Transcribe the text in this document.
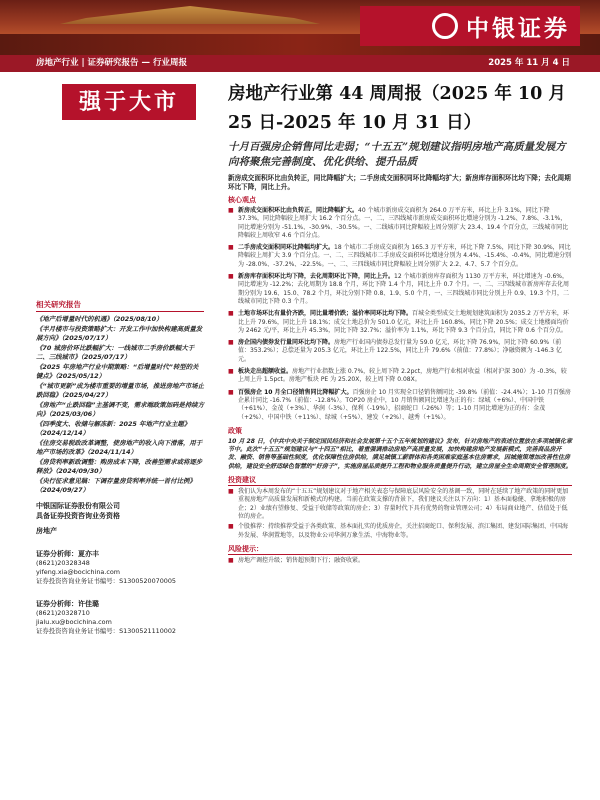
中银证券
房地产行业 | 证券研究报告 — 行业周报	2025 年 11 月 4 日
强于大市
相关研究报告
《地产后增量时代的机遇》（2025/08/10）
《半月楼市与投资策略扩大：开发工作中加快构建高质量发展方向》（2025/07/17）
《70 城房价环比跌幅扩大：一线城市二手房价跌幅大于二、三线城市》（2025/07/17）
《2025 年房地产行业中期策略：“后增量时代”转型的关键点》（2025/05/12）
《“城市更新”成为楼市重要的增量市场，推进房地产市场止跌回稳》（2025/04/27）
《房地产“止跌回稳”主基调不变，需求端政策加码是持续方向》（2025/03/06）
《四季度大、收储与解冻新：2025 年地产行业主题》（2024/12/14）
《住房交易税政改革调整，使房地产的收入向下滑落，用于地产市场的改革》（2024/11/14）
《房贷利率新政调整：购房成本下降，改善型需求或将逐步释放》（2024/09/30）
《央行征求意见稿：下调存量房贷利率并统一首付比例》（2024/09/27）
中银国际证券股份有限公司
具备证券投资咨询业务资格
房地产
证券分析师：夏亦丰
(8621)20328348
yifeng.xia@bocichina.com
证券投资咨询业务证书编号：S1300520070005
证券分析师：许佳璐
(8621)20328710
jialu.xu@bocichina.com
证券投资咨询业务证书编号：S1300521110002
房地产行业第 44 周周报（2025 年 10 月 25 日-2025 年 10 月 31 日）
十月百强房企销售同比走弱；“十五五”规划建议指明房地产高质量发展方向将聚焦完善制度、优化供给、提升品质
新房成交面积环比由负转正，同比降幅扩大；二手房成交面积同环比降幅均扩大；新房库存面积环比均下降；去化周期环比下降，同比上升。
核心观点
■ 新房成交面积环比由负转正，同比降幅扩大。40 个城市新房成交面积为 264.0 万平方米，环比上升 3.1%，同比下降 37.3%，同比降幅较上周扩大 16.2 个百分点。一、二、三四线城市新房成交面积环比增速分别为 -1.2%、7.8%、-3.1%，同比增速分别为 -51.1%、-30.9%、-30.5%。一、二线城市同比降幅较上周分别扩大 23.4、19.4 个百分点，三线城市同比降幅较上周收窄 4.6 个百分点。
■ 二手房成交面积同环比降幅均扩大。18 个城市二手房成交面积为 165.3 万平方米，环比下降 7.5%，同比下降 30.9%，同比降幅较上周扩大 3.9 个百分点。一、二、三四线城市二手房成交面积环比增速分别为 4.4%、-15.4%、-0.4%，同比增速分别为 -28.0%、-37.2%、-22.5%。一、二、三四线城市同比降幅较上周分别扩大 2.2、4.7、5.7 个百分点。
■ 新房库存面积环比均下降，去化周期环比下降，同比上升。12 个城市新房库存面积为 1130 万平方米，环比增速为 -0.6%，同比增速为 -12.2%；去化周期为 18.8 个月，环比下降 1.4 个月，同比上升 0.7 个月。一、二、三四线城市新房库存去化周期分别为 19.6、15.0、78.2 个月，环比分别下降 0.8、1.9、5.0 个月，一、三四线城市同比分别上升 0.9、19.3 个月，二线城市同比下降 0.3 个月。
■ 土地市场环比有量价齐跌，同比量增价跌；溢价率同环比均下降。百城全类型成交土地规划建筑面积为 2035.2 万平方米，环比上升 79.6%，同比上升 18.1%；成交土地总价为 501.0 亿元，环比上升 160.8%，同比下降 20.5%；成交土地楼面均价为 2462 元/平，环比上升 45.3%，同比下降 32.7%；溢价率为 1.1%，环比下降 9.3 个百分点，同比下降 0.6 个百分点。
■ 房企国内债券发行量同环比均下降。房地产行业国内债券总发行量为 59.0 亿元，环比下降 76.9%，同比下降 60.9%（前值：353.2%）；总偿还量为 205.3 亿元，环比上升 122.5%，同比上升 79.6%（前值：77.8%）；净融资额为 -146.3 亿元。
■ 板块走出超额收益。房地产行业指数上涨 0.7%，较上周下降 2.2pct，房地产行业相对收益（相对沪深 300）为 -0.3%，较上周上升 1.5pct。房地产板块 PE 为 25.20X，较上周下降 0.08X。
■ 百强房企 10 月全口径销售同比降幅扩大。百强房企 10 月实现全口径销售额同比 -39.8%（前值：-24.4%）；1-10 月百强房企累计同比 -16.7%（前值：-12.8%）。TOP20 房企中，10 月销售额同比增速为正的有：绿城（+6%）、中国中铁（+61%）、金茂（+3%）、华润（-3%）、保利（-19%），招商蛇口（-26%）等；1-10 月同比增速为正的有：金茂（+2%）、中国中铁（+11%）、绿城（+5%）、建发（+2%）、越秀（+1%）。
政策
10 月 28 日，《中共中央关于制定国民经济和社会发展第十五个五年规划的建议》发布，针对房地产的表述位置放在多项城镇化章节中。此次“十五五”规划建议与“十四五”相比，着重强调推动房地产高质量发展，加快构建房地产发展新模式，完善商品房开发、融资、销售等基础性制度，优化保障性住房供给，满足城镇工薪群体和各类困难家庭基本住房需求，因城施策增加改善性住房供给，建设安全舒适绿色智慧的“好房子”，实施房屋品质提升工程和物业服务质量提升行动，建立房屋全生命周期安全管理制度。
投资建议
■ 我们认为本周发布的“十五五”规划建议对于地产相关表态与保障底层风险安全的基调一致，同时在延续了地产政策的同时更加重视房地产高质量发展和新模式的构建。当前在政策支撑的背景下，我们建议关注以下方向：1）基本面稳健、拿地积极的房企；2）业绩有望修复、受益于收储等政策的房企；3）存量时代下具有优势的物业管理公司；4）布局商业地产、估值处于低位的房企。
■ 个股推荐：持续推荐受益于各类政策、基本面扎实的优质房企，关注招商蛇口、保利发展、滨江集团、建发国际集团、中国海外发展、华润置地等，以及物业公司华润万象生活、中海物业等。
风险提示：
■ 房地产调控升级；销售超预期下行；融资收紧。
